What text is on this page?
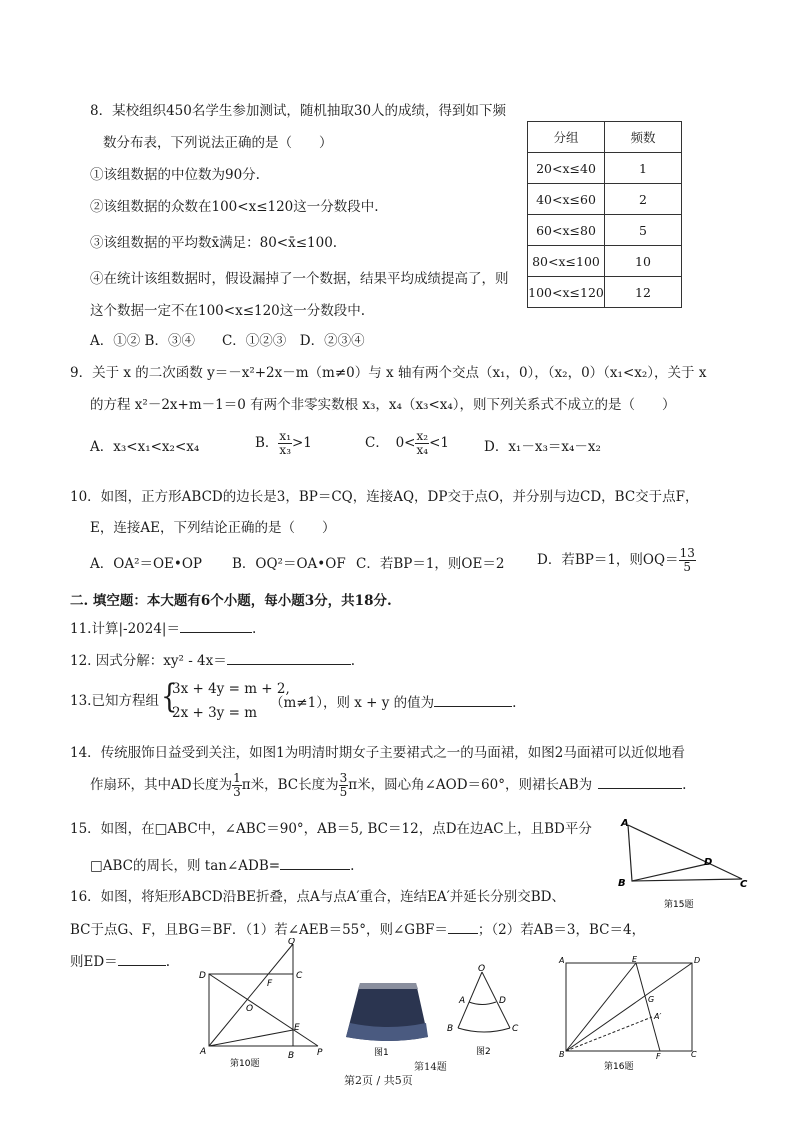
8．某校组织450名学生参加测试，随机抽取30人的成绩，得到如下频
数分布表，下列说法正确的是（　　）
①该组数据的中位数为90分.
②该组数据的众数在100<x≤120这一分数段中.
③该组数据的平均数x̄满足：80<x̄≤100.
④在统计该组数据时，假设漏掉了一个数据，结果平均成绩提高了，则
这个数据一定不在100<x≤120这一分数段中.
A．①② B．③④　　C．①②③　D．②③④
分组	频数
20<x≤40	1
40<x≤60	2
60<x≤80	5
80<x≤100	10
100<x≤120	12
9．关于 x 的二次函数 y＝－x²+2x－m（m≠0）与 x 轴有两个交点（x₁，0），（x₂，0）（x₁<x₂），关于 x
的方程 x²－2x+m－1＝0 有两个非零实数根 x₃，x₄（x₃<x₄），则下列关系式不成立的是（　　）
A．x₃<x₁<x₂<x₄	B． $\frac{\text{x₁}}{\text{x₃}} >1$	C．　$0< \frac{\text{x₂}}{\text{x₄}} <1$	D．x₁－x₃＝x₄－x₂
10．如图，正方形ABCD的边长是3，BP＝CQ，连接AQ，DP交于点O，并分别与边CD，BC交于点F，
E，连接AE，下列结论正确的是（　　）
A．OA²＝OE•OP B．OQ²＝OA•OF C．若BP＝1，则OE＝2 D．若BP＝1，则$OQ= \frac{13}{5}$
二. 填空题：本大题有6个小题，每小题3分，共18分.
11.计算|-2024|＝	.
12. 因式分解：xy² - 4x＝	.
13.已知方程组 {
3x + 4y = m + 2,
2x + 3y = m
（m≠1），则 x + y 的值为	.
14．传统服饰日益受到关注，如图1为明清时期女子主要裙式之一的马面裙，如图2马面裙可以近似地看
作扇环，其中AD长度为 $\frac{1}{3}$ π米，BC长度为 $\frac{3}{5}$ π米，圆心角∠AOD＝60°，则裙长AB为	.
15．如图，在□ABC中，∠ABC＝90°，AB＝5, BC＝12，点D在边AC上，且BD平分
□ABC的周长，则 tan∠ADB=	.
A
B	C
D
第15题
16．如图，将矩形ABCD沿BE折叠，点A与点A′重合，连结EA′并延长分别交BD、
BC于点G、F，且BG＝BF．（1）若∠AEB＝55°，则∠GBF＝ ；（2）若AB＝3，BC＝4，
则ED＝	.
Q
D	C
F
O
E
A	B	P
第10题
图1
O
A	D
B	C
图2
第14题
A	E	D
G
A′
B	F	C
第16题
第2页 / 共5页
